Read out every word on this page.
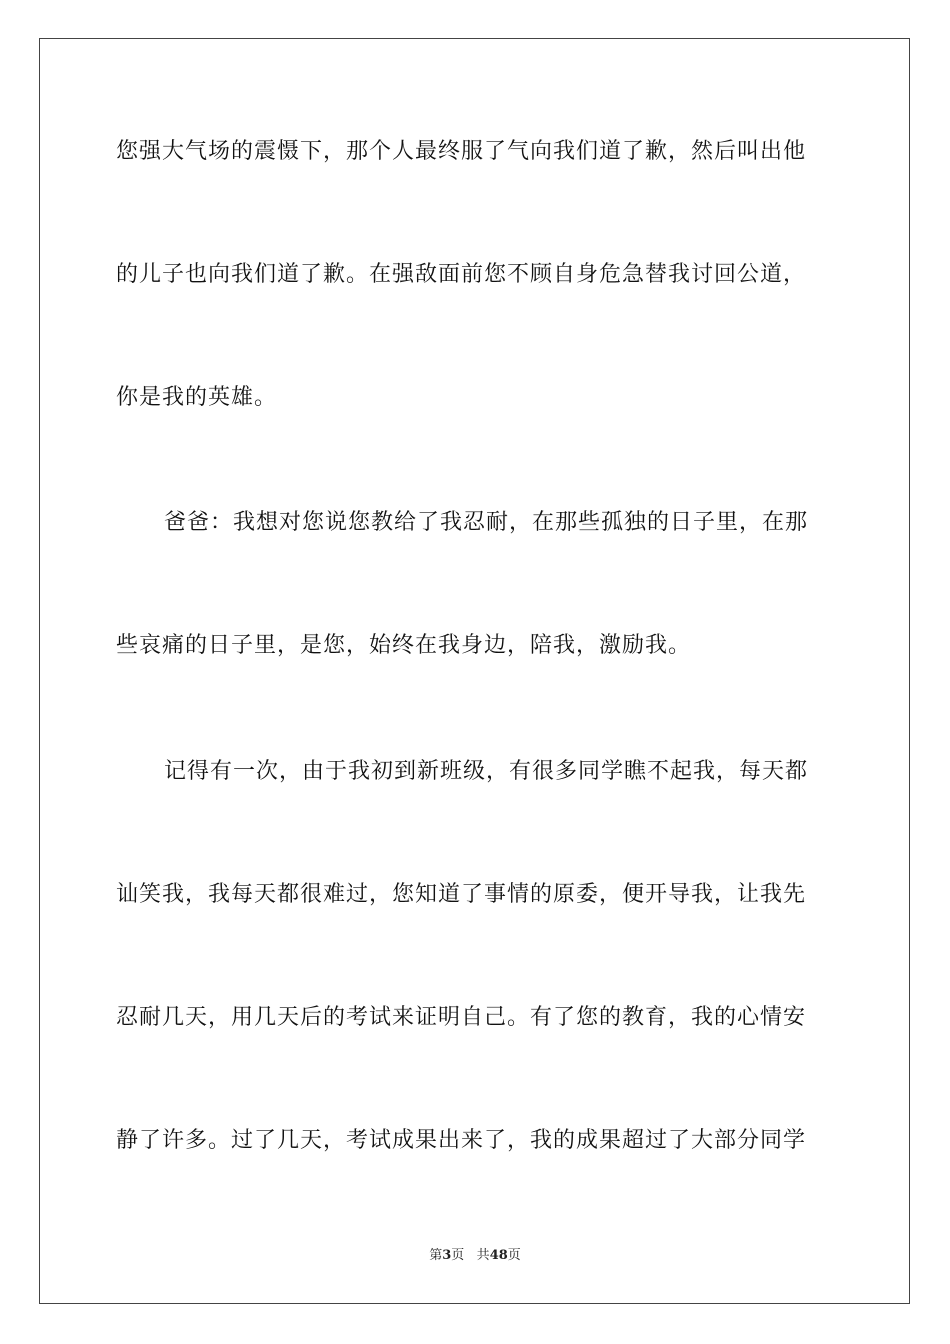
您强大气场的震慑下，那个人最终服了气向我们道了歉，然后叫出他
的儿子也向我们道了歉。在强敌面前您不顾自身危急替我讨回公道，
你是我的英雄。
爸爸：我想对您说您教给了我忍耐，在那些孤独的日子里，在那
些哀痛的日子里，是您，始终在我身边，陪我，激励我。
记得有一次，由于我初到新班级，有很多同学瞧不起我，每天都
讪笑我，我每天都很难过，您知道了事情的原委，便开导我，让我先
忍耐几天，用几天后的考试来证明自己。有了您的教育，我的心情安
静了许多。过了几天，考试成果出来了，我的成果超过了大部分同学
第3页 共48页
